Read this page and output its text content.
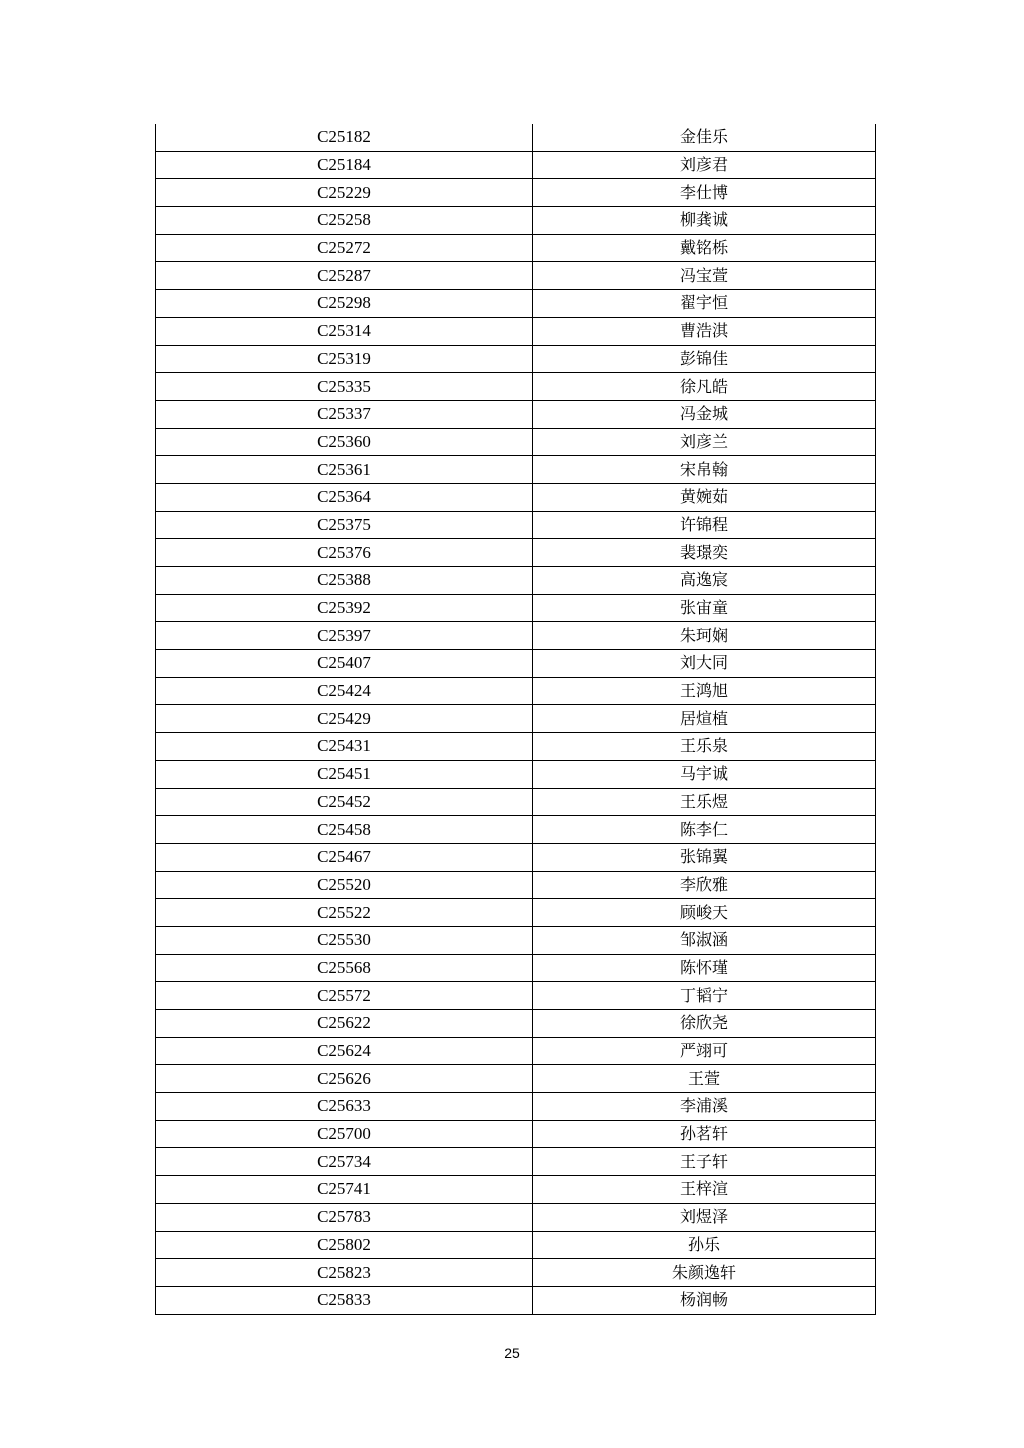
C25182	金佳乐
C25184	刘彦君
C25229	李仕博
C25258	柳龚诚
C25272	戴铭栎
C25287	冯宝萱
C25298	翟宇恒
C25314	曹浩淇
C25319	彭锦佳
C25335	徐凡皓
C25337	冯金城
C25360	刘彦兰
C25361	宋帛翰
C25364	黄婉茹
C25375	许锦程
C25376	裴璟奕
C25388	高逸宸
C25392	张宙童
C25397	朱珂娴
C25407	刘大同
C25424	王鸿旭
C25429	居煊植
C25431	王乐泉
C25451	马宇诚
C25452	王乐煜
C25458	陈李仁
C25467	张锦翼
C25520	李欣雅
C25522	顾峻天
C25530	邹淑涵
C25568	陈怀瑾
C25572	丁韬宁
C25622	徐欣尧
C25624	严翊可
C25626	王萱
C25633	李浦溪
C25700	孙茗轩
C25734	王子轩
C25741	王梓渲
C25783	刘煜泽
C25802	孙乐
C25823	朱颜逸轩
C25833	杨润畅
25
